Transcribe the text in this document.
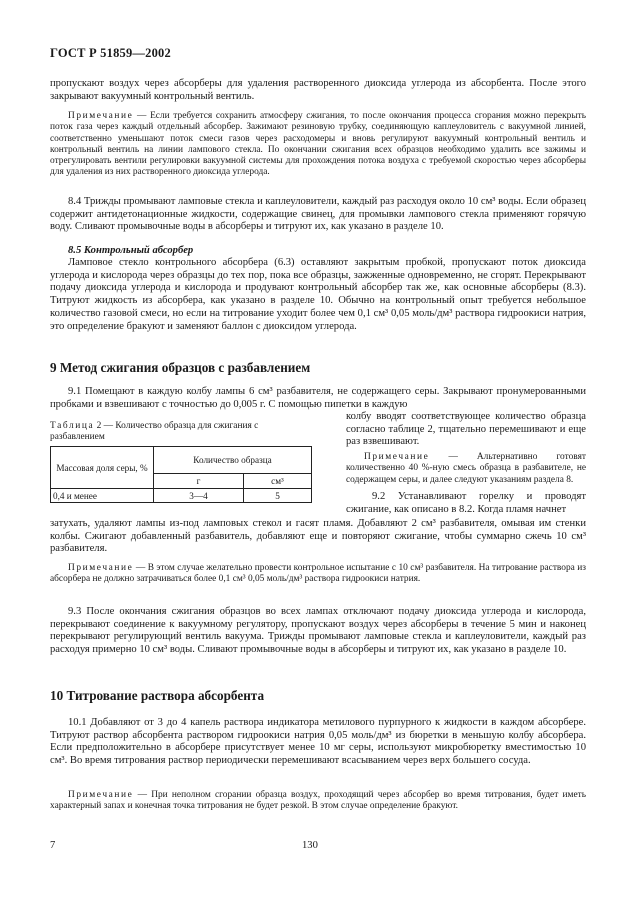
ГОСТ Р 51859—2002

пропускают воздух через абсорберы для удаления растворенного диоксида углерода из абсорбента. После этого закрывают вакуумный контрольный вентиль.

Примечание — Если требуется сохранить атмосферу сжигания, то после окончания процесса сгорания можно перекрыть поток газа через каждый отдельный абсорбер. Зажимают резиновую трубку, соединяющую каплеуловитель с вакуумной линией, соответственно уменьшают поток смеси газов через расходомеры и вновь регулируют вакуумный контрольный вентиль и контрольный вентиль на линии лампового стекла. По окончании сжигания всех образцов необходимо удалить все зажимы и отрегулировать вентили регулировки вакуумной системы для прохождения потока воздуха с требуемой скоростью через абсорберы для удаления из них растворенного диоксида углерода.

8.4 Трижды промывают ламповые стекла и каплеуловители, каждый раз расходуя около 10 см³ воды. Если образец содержит антидетонационные жидкости, содержащие свинец, для промывки лампового стекла применяют горячую воду. Сливают промывочные воды в абсорберы и титруют их, как указано в разделе 10.

8.5 Контрольный абсорбер

Ламповое стекло контрольного абсорбера (6.3) оставляют закрытым пробкой, пропускают поток диоксида углерода и кислорода через образцы до тех пор, пока все образцы, зажженные одновременно, не сгорят. Перекрывают подачу диоксида углерода и кислорода и продувают контрольный абсорбер так же, как основные абсорберы (8.3). Титруют жидкость из абсорбера, как указано в разделе 10. Обычно на контрольный опыт требуется небольшое количество газовой смеси, но если на титрование уходит более чем 0,1 см³ 0,05 моль/дм³ раствора гидроокиси натрия, это определение бракуют и заменяют баллон с диоксидом углерода.

9 Метод сжигания образцов с разбавлением

9.1 Помещают в каждую колбу лампы 6 см³ разбавителя, не содержащего серы. Закрывают пронумерованными пробками и взвешивают с точностью до 0,005 г. С помощью пипетки в каждую

Таблица 2 — Количество образца для сжигания с разбавлением

Массовая доля серы, %	Количество образца	
	г	см³
0,4 и менее	3—4	5

колбу вводят соответствующее количество образца согласно таблице 2, тщательно перемешивают и еще раз взвешивают.

Примечание — Альтернативно готовят количественно 40 %-ную смесь образца в разбавителе, не содержащем серы, и далее следуют указаниям раздела 8.

9.2 Устанавливают горелку и проводят сжигание, как описано в 8.2. Когда пламя начнет

затухать, удаляют лампы из-под ламповых стекол и гасят пламя. Добавляют 2 см³ разбавителя, омывая им стенки колбы. Сжигают добавленный разбавитель, добавляют еще и повторяют сжигание, чтобы суммарно сжечь 10 см³ разбавителя.

Примечание — В этом случае желательно провести контрольное испытание с 10 см³ разбавителя. На титрование раствора из абсорбера не должно затрачиваться более 0,1 см³ 0,05 моль/дм³ раствора гидроокиси натрия.

9.3 После окончания сжигания образцов во всех лампах отключают подачу диоксида углерода и кислорода, перекрывают соединение к вакуумному регулятору, пропускают воздух через абсорберы в течение 5 мин и наконец перекрывают регулирующий вентиль вакуума. Трижды промывают ламповые стекла и каплеуловители, каждый раз расходуя примерно 10 см³ воды. Сливают промывочные воды в абсорберы и титруют их, как указано в разделе 10.

10 Титрование раствора абсорбента

10.1 Добавляют от 3 до 4 капель раствора индикатора метилового пурпурного к жидкости в каждом абсорбере. Титруют раствор абсорбента раствором гидроокиси натрия 0,05 моль/дм³ из бюретки в меньшую колбу абсорбера. Если предположительно в абсорбере присутствует менее 10 мг серы, используют микробюретку вместимостью 10 см³. Во время титрования раствор периодически перемешивают всасыванием через верх большего сосуда.

Примечание — При неполном сгорании образца воздух, проходящий через абсорбер во время титрования, будет иметь характерный запах и конечная точка титрования не будет резкой. В этом случае определение бракуют.

7	130
